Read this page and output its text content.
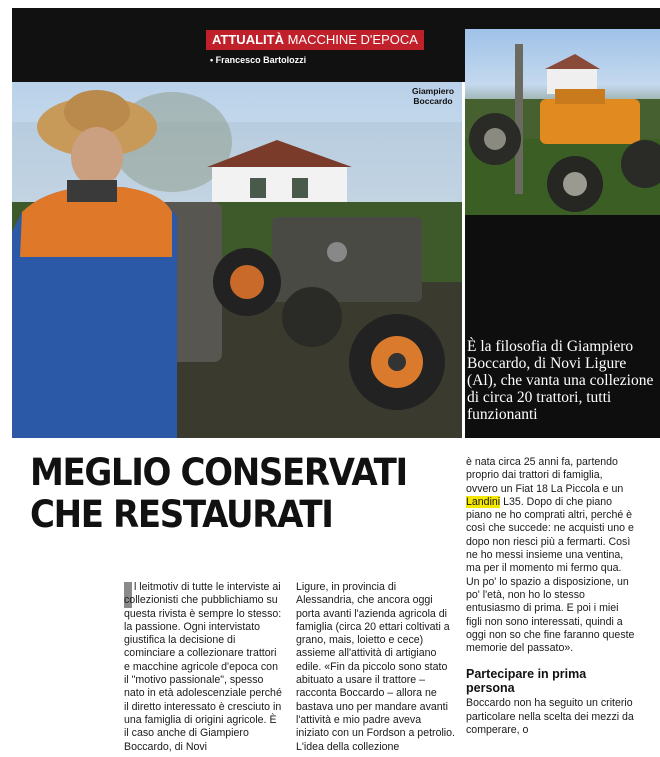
ATTUALITÀ MACCHINE D'EPOCA
• Francesco Bartolozzi
Giampiero Boccardo
È la filosofia di Giampiero Boccardo, di Novi Ligure (Al), che vanta una collezione di circa 20 trattori, tutti funzionanti
MEGLIO CONSERVATI
CHE RESTAURATI

l leitmotiv di tutte le interviste ai collezionisti che pubblichiamo su questa rivista è sempre lo stesso: la passione. Ogni intervistato giustifica la decisione di cominciare a collezionare trattori e macchine agricole d'epoca con il "motivo passionale", spesso nato in età adolescenziale perché il diretto interessato è cresciuto in una famiglia di origini agricole. È il caso anche di Giampiero Boccardo, di Novi

Ligure, in provincia di Alessandria, che ancora oggi porta avanti l'azienda agricola di famiglia (circa 20 ettari coltivati a grano, mais, loietto e cece) assieme all'attività di artigiano edile. «Fin da piccolo sono stato abituato a usare il trattore – racconta Boccardo – allora ne bastava uno per mandare avanti l'attività e mio padre aveva iniziato con un Fordson a petrolio. L'idea della collezione

è nata circa 25 anni fa, partendo proprio dai trattori di famiglia, ovvero un Fiat 18 La Piccola e un Landini L35. Dopo di che piano piano ne ho comprati altri, perché è così che succede: ne acquisti uno e dopo non riesci più a fermarti. Così ne ho messi insieme una ventina, ma per il momento mi fermo qua. Un po' lo spazio a disposizione, un po' l'età, non ho lo stesso entusiasmo di prima. E poi i miei figli non sono interessati, quindi a oggi non so che fine faranno queste memorie del passato».

Partecipare in prima persona

Boccardo non ha seguito un criterio particolare nella scelta dei mezzi da comperare, o
